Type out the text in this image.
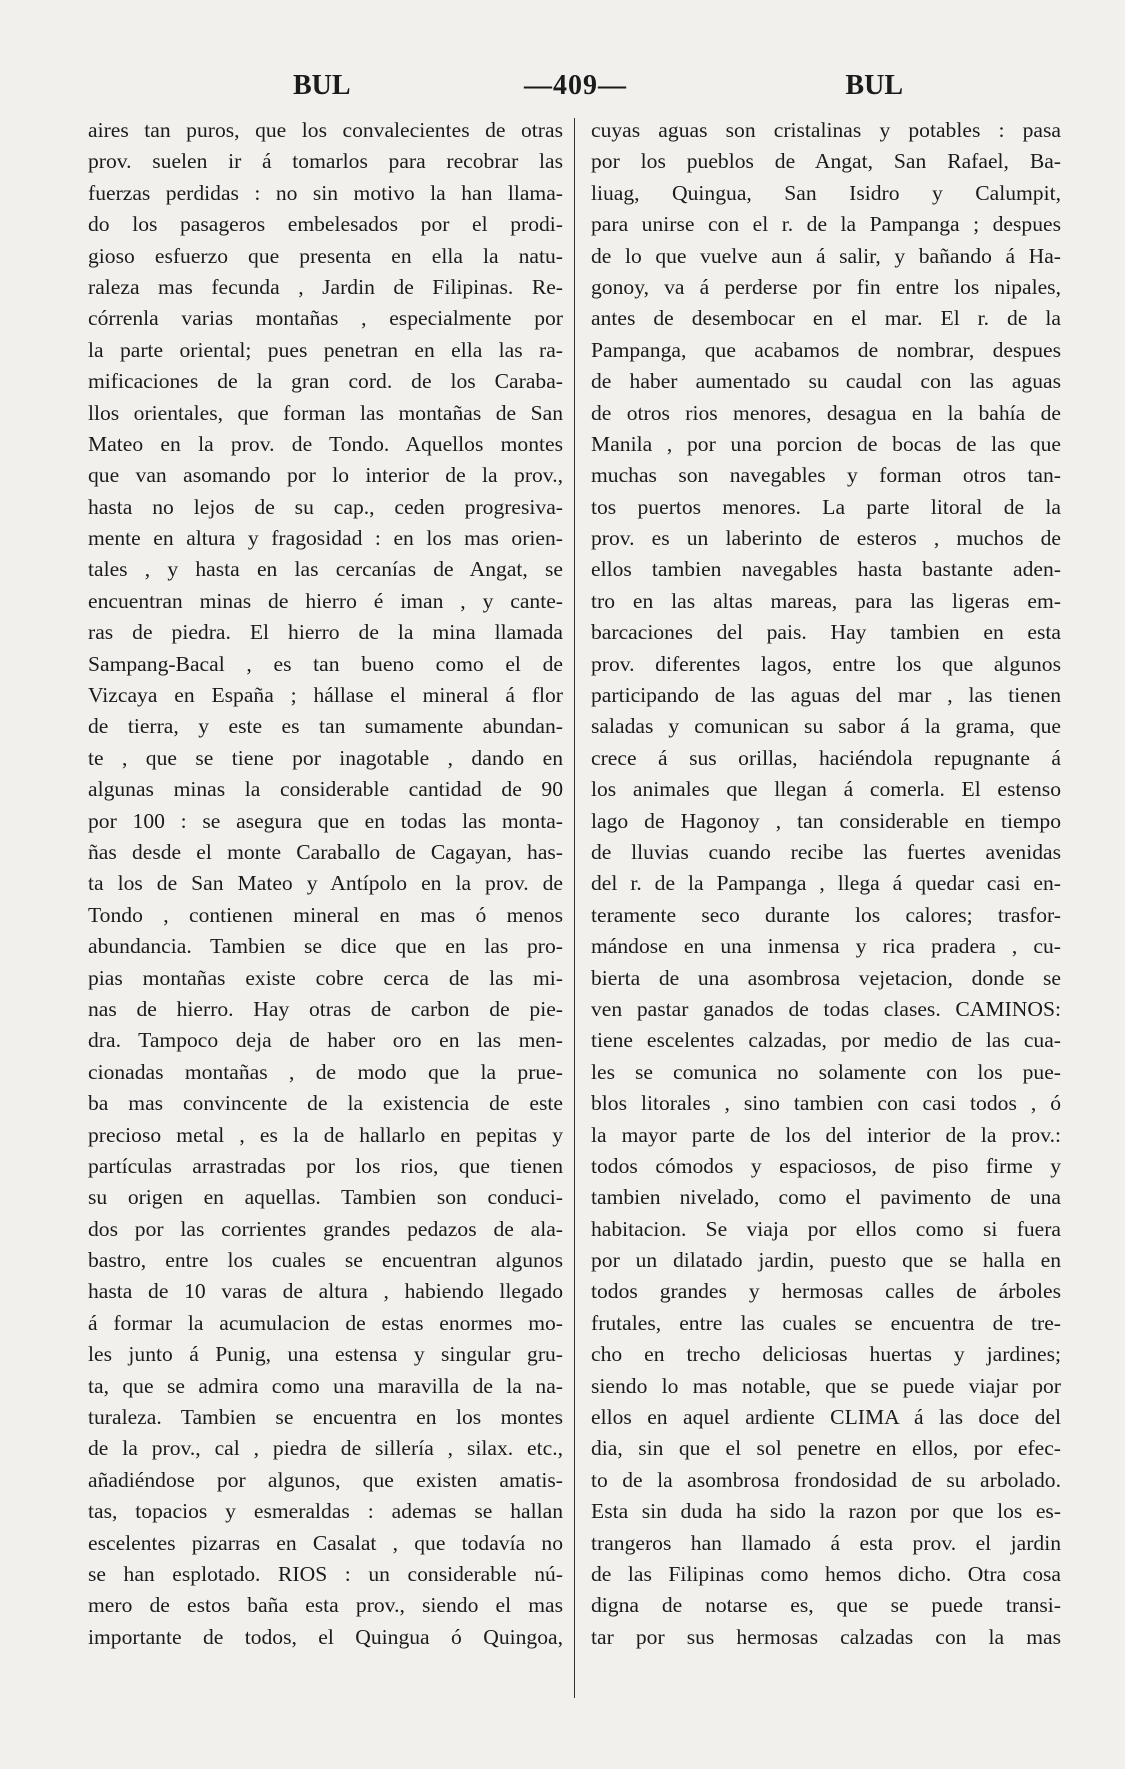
BUL	—409—	BUL
aires tan puros, que los convalecientes de otras
prov. suelen ir á tomarlos para recobrar las
fuerzas perdidas : no sin motivo la han llama-
do los pasageros embelesados por el prodi-
gioso esfuerzo que presenta en ella la natu-
raleza mas fecunda , Jardin de Filipinas. Re-
córrenla varias montañas , especialmente por
la parte oriental; pues penetran en ella las ra-
mificaciones de la gran cord. de los Caraba-
llos orientales, que forman las montañas de San
Mateo en la prov. de Tondo. Aquellos montes
que van asomando por lo interior de la prov.,
hasta no lejos de su cap., ceden progresiva-
mente en altura y fragosidad : en los mas orien-
tales , y hasta en las cercanías de Angat, se
encuentran minas de hierro é iman , y cante-
ras de piedra. El hierro de la mina llamada
Sampang-Bacal , es tan bueno como el de
Vizcaya en España ; hállase el mineral á flor
de tierra, y este es tan sumamente abundan-
te , que se tiene por inagotable , dando en
algunas minas la considerable cantidad de 90
por 100 : se asegura que en todas las monta-
ñas desde el monte Caraballo de Cagayan, has-
ta los de San Mateo y Antípolo en la prov. de
Tondo , contienen mineral en mas ó menos
abundancia. Tambien se dice que en las pro-
pias montañas existe cobre cerca de las mi-
nas de hierro. Hay otras de carbon de pie-
dra. Tampoco deja de haber oro en las men-
cionadas montañas , de modo que la prue-
ba mas convincente de la existencia de este
precioso metal , es la de hallarlo en pepitas y
partículas arrastradas por los rios, que tienen
su origen en aquellas. Tambien son conduci-
dos por las corrientes grandes pedazos de ala-
bastro, entre los cuales se encuentran algunos
hasta de 10 varas de altura , habiendo llegado
á formar la acumulacion de estas enormes mo-
les junto á Punig, una estensa y singular gru-
ta, que se admira como una maravilla de la na-
turaleza. Tambien se encuentra en los montes
de la prov., cal , piedra de sillería , silax. etc.,
añadiéndose por algunos, que existen amatis-
tas, topacios y esmeraldas : ademas se hallan
escelentes pizarras en Casalat , que todavía no
se han esplotado. RIOS : un considerable nú-
mero de estos baña esta prov., siendo el mas
importante de todos, el Quingua ó Quingoa,
cuyas aguas son cristalinas y potables : pasa
por los pueblos de Angat, San Rafael, Ba-
liuag, Quingua, San Isidro y Calumpit,
para unirse con el r. de la Pampanga ; despues
de lo que vuelve aun á salir, y bañando á Ha-
gonoy, va á perderse por fin entre los nipales,
antes de desembocar en el mar. El r. de la
Pampanga, que acabamos de nombrar, despues
de haber aumentado su caudal con las aguas
de otros rios menores, desagua en la bahía de
Manila , por una porcion de bocas de las que
muchas son navegables y forman otros tan-
tos puertos menores. La parte litoral de la
prov. es un laberinto de esteros , muchos de
ellos tambien navegables hasta bastante aden-
tro en las altas mareas, para las ligeras em-
barcaciones del pais. Hay tambien en esta
prov. diferentes lagos, entre los que algunos
participando de las aguas del mar , las tienen
saladas y comunican su sabor á la grama, que
crece á sus orillas, haciéndola repugnante á
los animales que llegan á comerla. El estenso
lago de Hagonoy , tan considerable en tiempo
de lluvias cuando recibe las fuertes avenidas
del r. de la Pampanga , llega á quedar casi en-
teramente seco durante los calores; trasfor-
mándose en una inmensa y rica pradera , cu-
bierta de una asombrosa vejetacion, donde se
ven pastar ganados de todas clases. CAMINOS:
tiene escelentes calzadas, por medio de las cua-
les se comunica no solamente con los pue-
blos litorales , sino tambien con casi todos , ó
la mayor parte de los del interior de la prov.:
todos cómodos y espaciosos, de piso firme y
tambien nivelado, como el pavimento de una
habitacion. Se viaja por ellos como si fuera
por un dilatado jardin, puesto que se halla en
todos grandes y hermosas calles de árboles
frutales, entre las cuales se encuentra de tre-
cho en trecho deliciosas huertas y jardines;
siendo lo mas notable, que se puede viajar por
ellos en aquel ardiente CLIMA á las doce del
dia, sin que el sol penetre en ellos, por efec-
to de la asombrosa frondosidad de su arbolado.
Esta sin duda ha sido la razon por que los es-
trangeros han llamado á esta prov. el jardin
de las Filipinas como hemos dicho. Otra cosa
digna de notarse es, que se puede transi-
tar por sus hermosas calzadas con la mas
